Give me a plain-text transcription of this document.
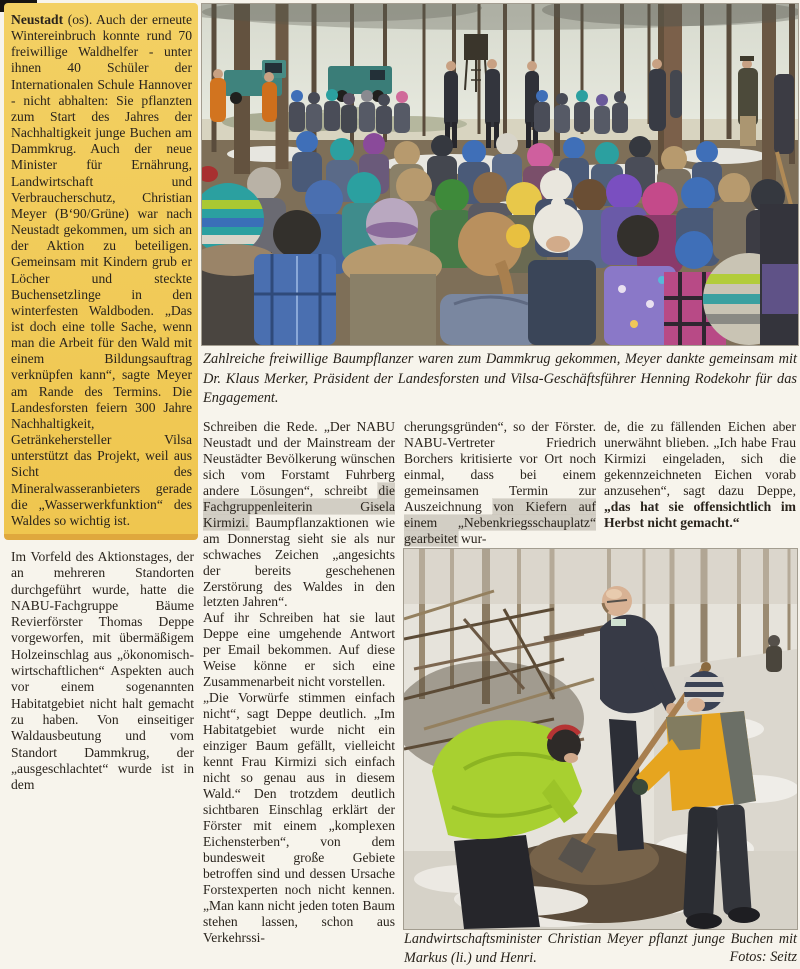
Neustadt (os). Auch der erneute Wintereinbruch konnte rund 70 freiwillige Waldhelfer - unter ihnen 40 Schüler der Internationalen Schule Hannover - nicht abhalten: Sie pflanzten zum Start des Jahres der Nachhaltigkeit junge Buchen am Dammkrug. Auch der neue Minister für Ernährung, Landwirtschaft und Verbraucherschutz, Christian Meyer (B‘90/Grüne) war nach Neustadt gekommen, um sich an der Aktion zu beteiligen. Gemeinsam mit Kindern grub er Löcher und steckte Buchensetzlinge in den winterfesten Waldboden. „Das ist doch eine tolle Sache, wenn man die Arbeit für den Wald mit einem Bildungsauftrag verknüpfen kann“, sagte Meyer am Rande des Termins. Die Landesforsten feiern 300 Jahre Nachhaltigkeit, Getränkehersteller Vilsa unterstützt das Projekt, weil aus Sicht des Mineralwasseranbieters gerade die „Wasserwerkfunktion“ des Waldes so wichtig ist.
Im Vorfeld des Aktionstages, der an mehreren Standorten durchgeführt wurde, hatte die NABU-Fachgruppe Bäume Revierförster Thomas Deppe vorgeworfen, mit übermäßigem Holzeinschlag aus „ökonomisch-wirtschaftlichen“ Aspekten auch vor einem sogenannten Habitatgebiet nicht halt gemacht zu haben. Von einseitiger Waldausbeutung und vom Standort Dammkrug, der „ausgeschlachtet“ wurde ist in dem
Zahlreiche freiwillige Baumpflanzer waren zum Dammkrug gekommen, Meyer dankte gemeinsam mit Dr. Klaus Merker, Präsident der Landesforsten und Vilsa-Geschäftsführer Henning Rodekohr für das Engagement.

Schreiben die Rede. „Der NABU Neustadt und der Mainstream der Neustädter Bevölkerung wünschen sich vom Forstamt Fuhrberg andere Lösungen“, schreibt die Fachgruppenleiterin Gisela Kirmizi. Baumpflanzaktionen wie am Donnerstag sieht sie als nur schwaches Zeichen „angesichts der bereits geschehenen Zerstörung des Waldes in den letzten Jahren“.

Auf ihr Schreiben hat sie laut Deppe eine umgehende Antwort per Email bekommen. Auf diese Weise könne er sich eine Zusammenarbeit nicht vorstellen.

„Die Vorwürfe stimmen einfach nicht“, sagt Deppe deutlich. „Im Habitatgebiet wurde nicht ein einziger Baum gefällt, vielleicht kennt Frau Kirmizi sich einfach nicht so genau aus in diesem Wald.“ Den trotzdem deutlich sichtbaren Einschlag erklärt der Förster mit einem „komplexen Eichensterben“, von dem bundesweit große Gebiete betroffen sind und dessen Ursache Forstexperten noch nicht kennen. „Man kann nicht jeden toten Baum stehen lassen, schon aus Verkehrssi-

cherungsgründen“, so der Förster. NABU-Vertreter Friedrich Borchers kritisierte vor Ort noch einmal, dass bei einem gemeinsamen Termin zur Auszeichnung von Kiefern auf einem „Nebenkriegsschauplatz“ gearbeitet wur-

de, die zu fällenden Eichen aber unerwähnt blieben. „Ich habe Frau Kirmizi eingeladen, sich die gekennzeichneten Eichen vorab anzusehen“, sagt dazu Deppe, „das hat sie offensichtlich im Herbst nicht gemacht.“

Landwirtschaftsminister Christian Meyer pflanzt junge Buchen mit Markus (li.) und Henri.	Fotos: Seitz
